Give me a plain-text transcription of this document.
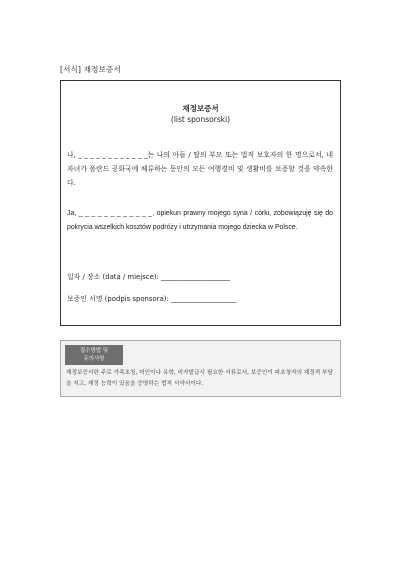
[서식] 재정보증서
재정보증서
(list sponsorski)
나, _ _ _ _ _ _ _ _ _ _ _ _는 나의 아들 / 딸의 부모 또는 법적 보호자의 한 명으로서, 네 자녀가 폴란드 공화국에 체류하는 동안의 모든 여행경비 및 생활비를 보증할 것을 약속한다.
Ja, _ _ _ _ _ _ _ _ _ _ _ _, opiekun prawny mojego syna / córki, zobowiązuję się do pokrycia wszelkich kosztów podróży i utrzymania mojego dziecka w Polsce.
일자 / 장소 (data / miejsce): ____________________
보증인 서명 (podpis sponsora): ___________________
접수방법 및
유의사항
재정보증서란 주로 가족초청, 미인이나 유학, 비자발급시 필요한 서류로서, 보증인이 피초청자의 재정적 부담을 지고, 재정 능력이 있음을 증명하는 법적 서약서이다.
